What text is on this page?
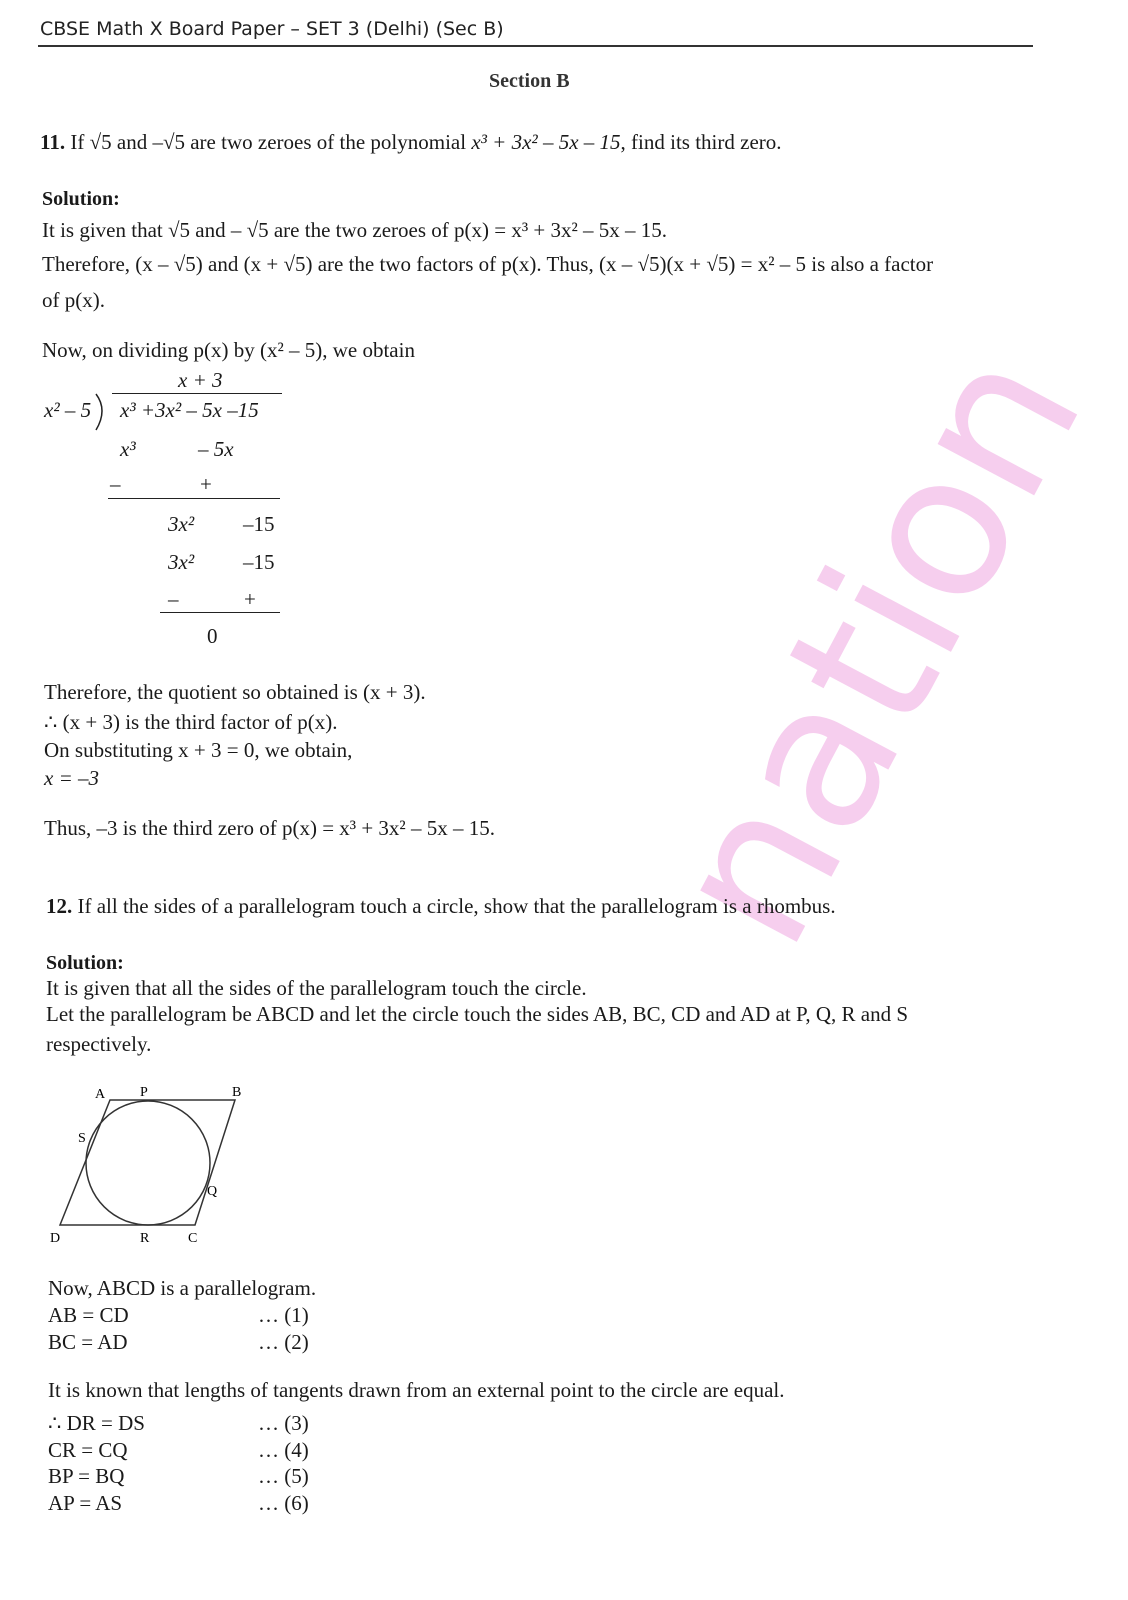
nation
CBSE Math X Board Paper – SET 3 (Delhi) (Sec B)
Section B
11. If √5 and –√5 are two zeroes of the polynomial x³ + 3x² – 5x – 15, find its third zero.
Solution:
It is given that √5 and – √5 are the two zeroes of p(x) = x³ + 3x² – 5x – 15.
Therefore, (x – √5) and (x + √5) are the two factors of p(x). Thus, (x – √5)(x + √5) = x² – 5 is also a factor
of p(x).
Now, on dividing p(x) by (x² – 5), we obtain
x + 3
x² – 5 x³ +3x² – 5x –15
x³	– 5x
–	+
3x² –15
3x² –15
–	+
0
Therefore, the quotient so obtained is (x + 3).
∴ (x + 3) is the third factor of p(x).
On substituting x + 3 = 0, we obtain,
x = –3
Thus, –3 is the third zero of p(x) = x³ + 3x² – 5x – 15.
12. If all the sides of a parallelogram touch a circle, show that the parallelogram is a rhombus.
Solution:
It is given that all the sides of the parallelogram touch the circle.
Let the parallelogram be ABCD and let the circle touch the sides AB, BC, CD and AD at P, Q, R and S
respectively.
A P	B
S
Q
D	R	C
Now, ABCD is a parallelogram.
AB = CD	… (1)
BC = AD	… (2)
It is known that lengths of tangents drawn from an external point to the circle are equal.
∴ DR = DS	… (3)
CR = CQ	… (4)
BP = BQ	… (5)
AP = AS	… (6)
